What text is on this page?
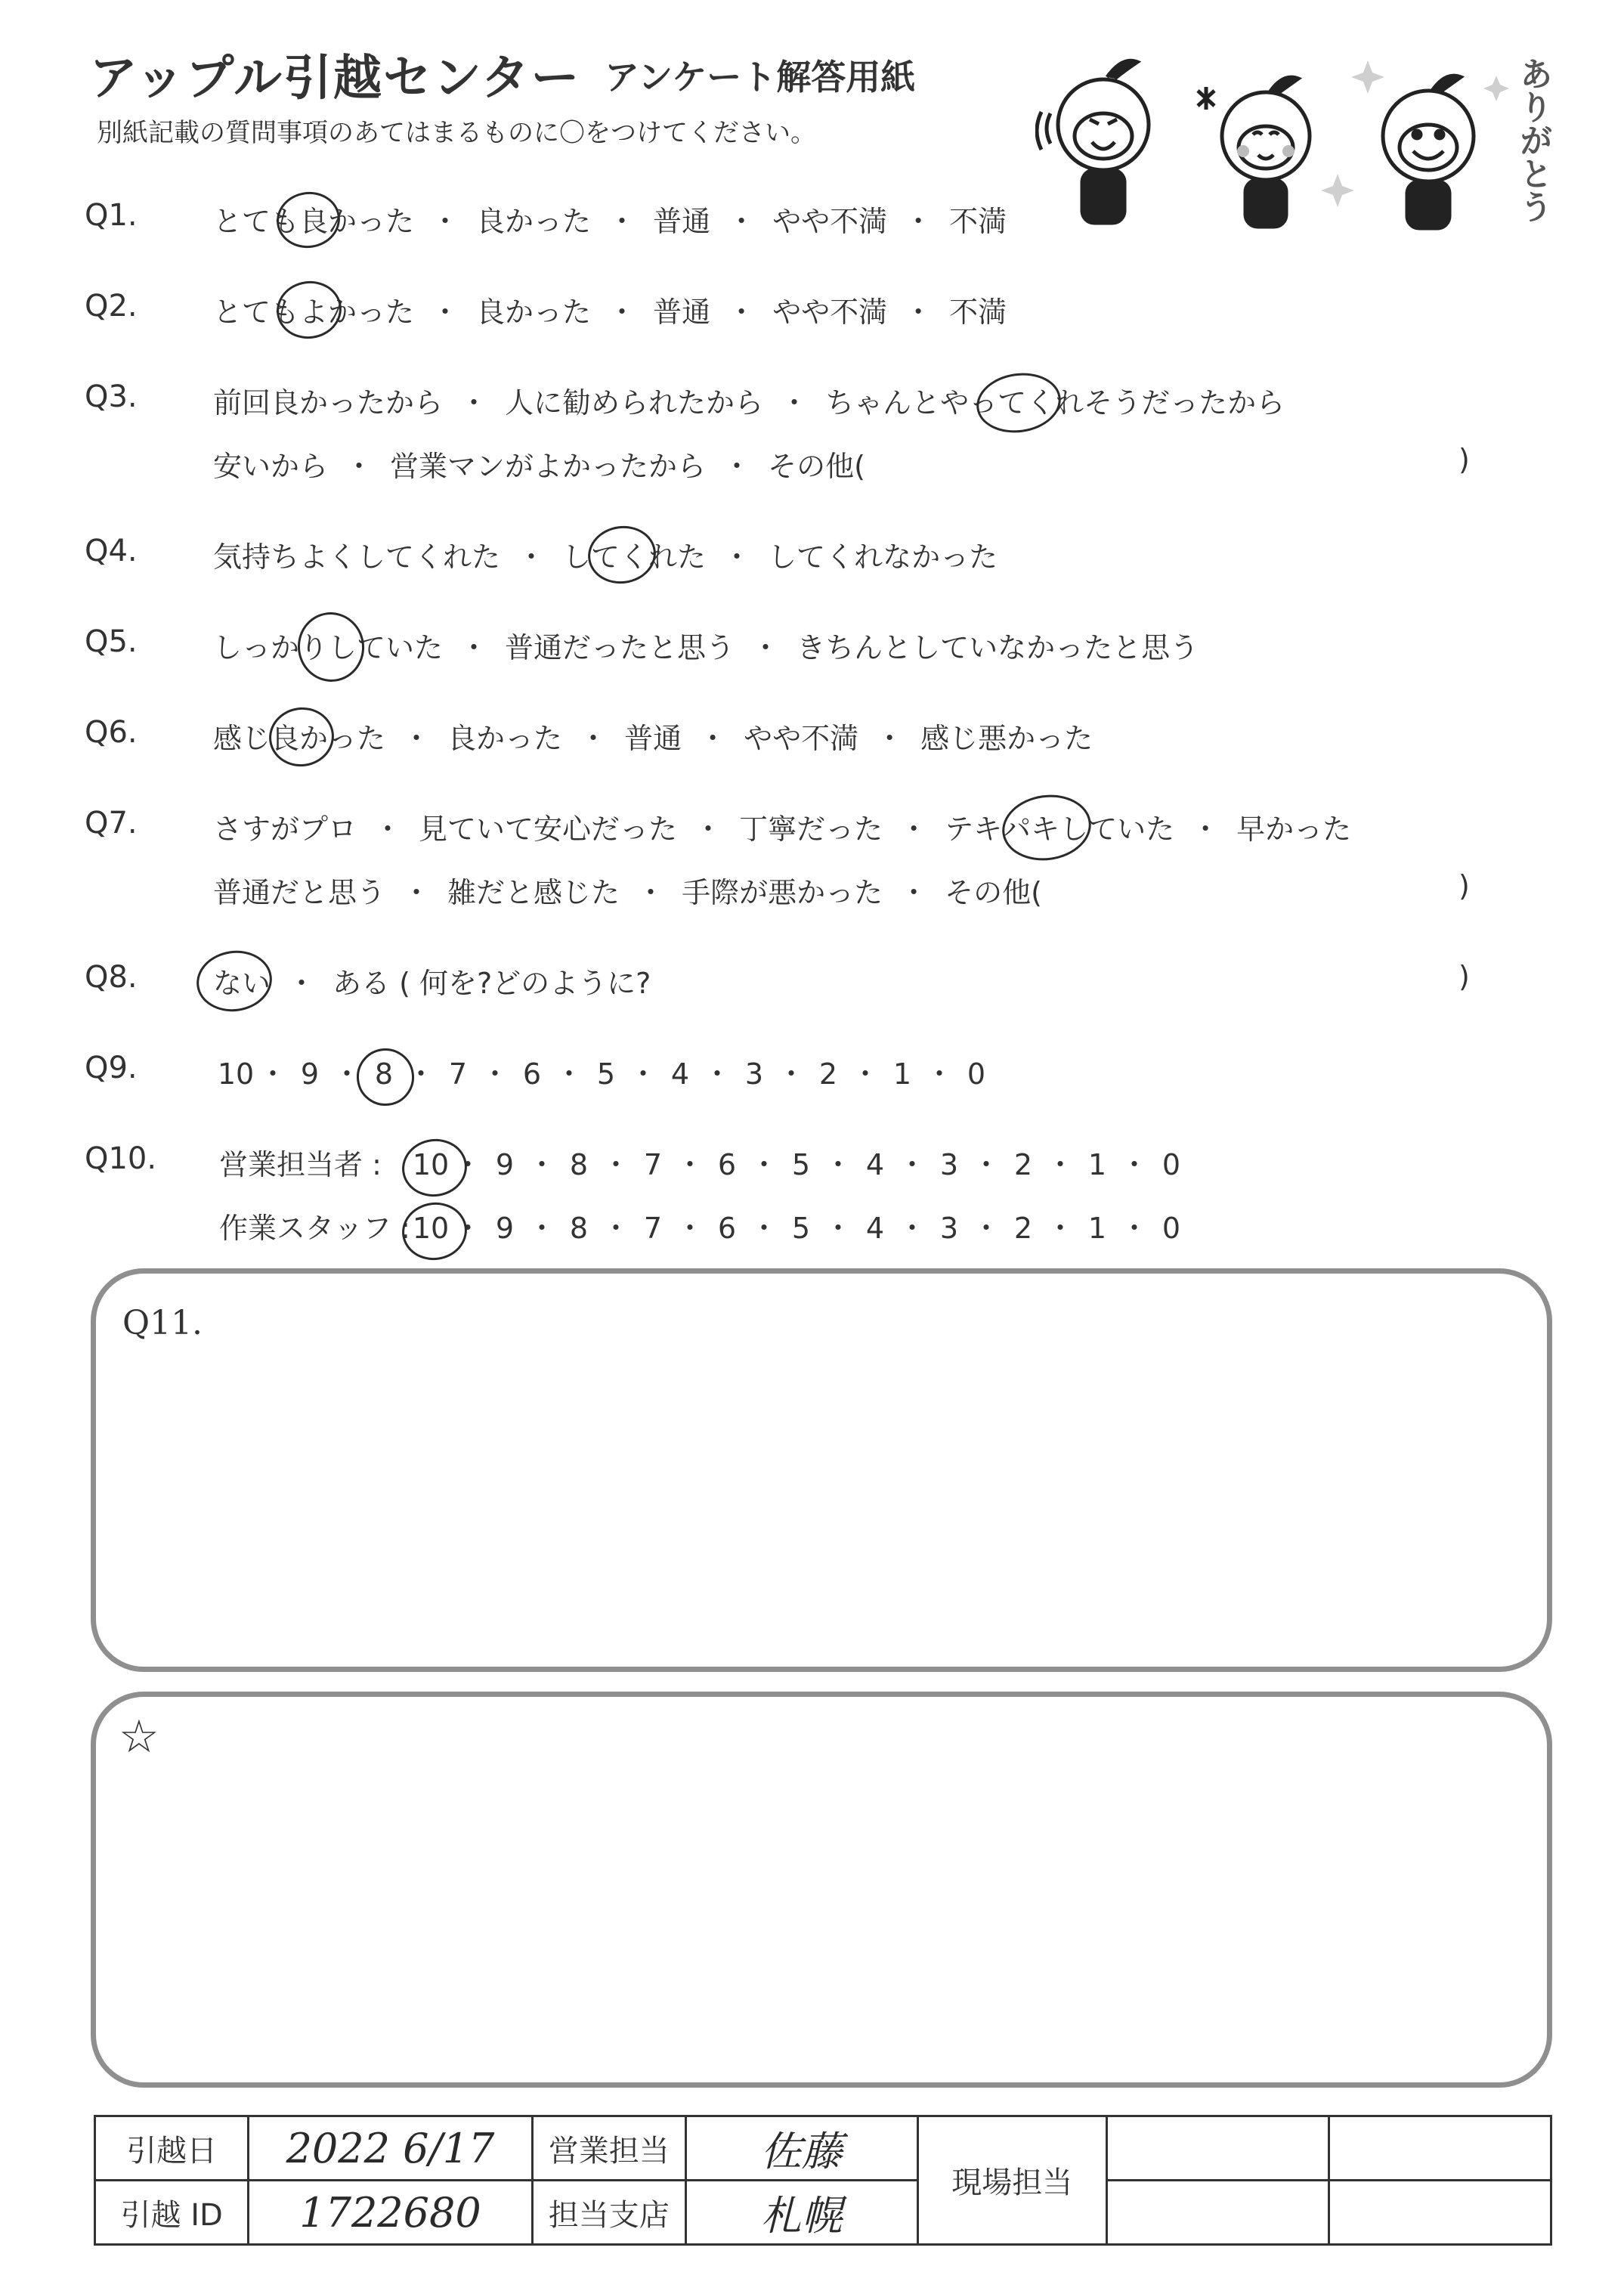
アップル引越センター アンケート解答用紙
別紙記載の質問事項のあてはまるものに〇をつけてください。	ありがとう
Q1.	とても良かった ・ 良かった ・ 普通 ・ やや不満 ・ 不満
Q2.	とてもよかった ・ 良かった ・ 普通 ・ やや不満 ・ 不満
Q3.	前回良かったから ・ 人に勧められたから ・ ちゃんとやってくれそうだったから
安いから ・ 営業マンがよかったから ・ その他(	)
Q4.	気持ちよくしてくれた ・ してくれた ・ してくれなかった
Q5.	しっかりしていた ・ 普通だったと思う ・ きちんとしていなかったと思う
Q6.	感じ良かった ・ 良かった ・ 普通 ・ やや不満 ・ 感じ悪かった
Q7.	さすがプロ ・ 見ていて安心だった ・ 丁寧だった ・ テキパキしていた ・ 早かった
普通だと思う ・ 雑だと感じた ・ 手際が悪かった ・ その他(	)
Q8.	ない ・ ある ( 何を?どのように?	)
Q9.	10 ・ 9 ・ 8 ・ 7 ・ 6 ・ 5 ・ 4 ・ 3 ・ 2 ・ 1 ・ 0
Q10. 営業担当者 : 10 ・ 9 ・ 8 ・ 7 ・ 6 ・ 5 ・ 4 ・ 3 ・ 2 ・ 1 ・ 0
作業スタッフ :10 ・ 9 ・ 8 ・ 7 ・ 6 ・ 5 ・ 4 ・ 3 ・ 2 ・ 1 ・ 0
Q11.
☆
引越日	2022 6/17	営業担当	佐藤	現場担当		
引越 ID	1722680	担当支店	札幌			
